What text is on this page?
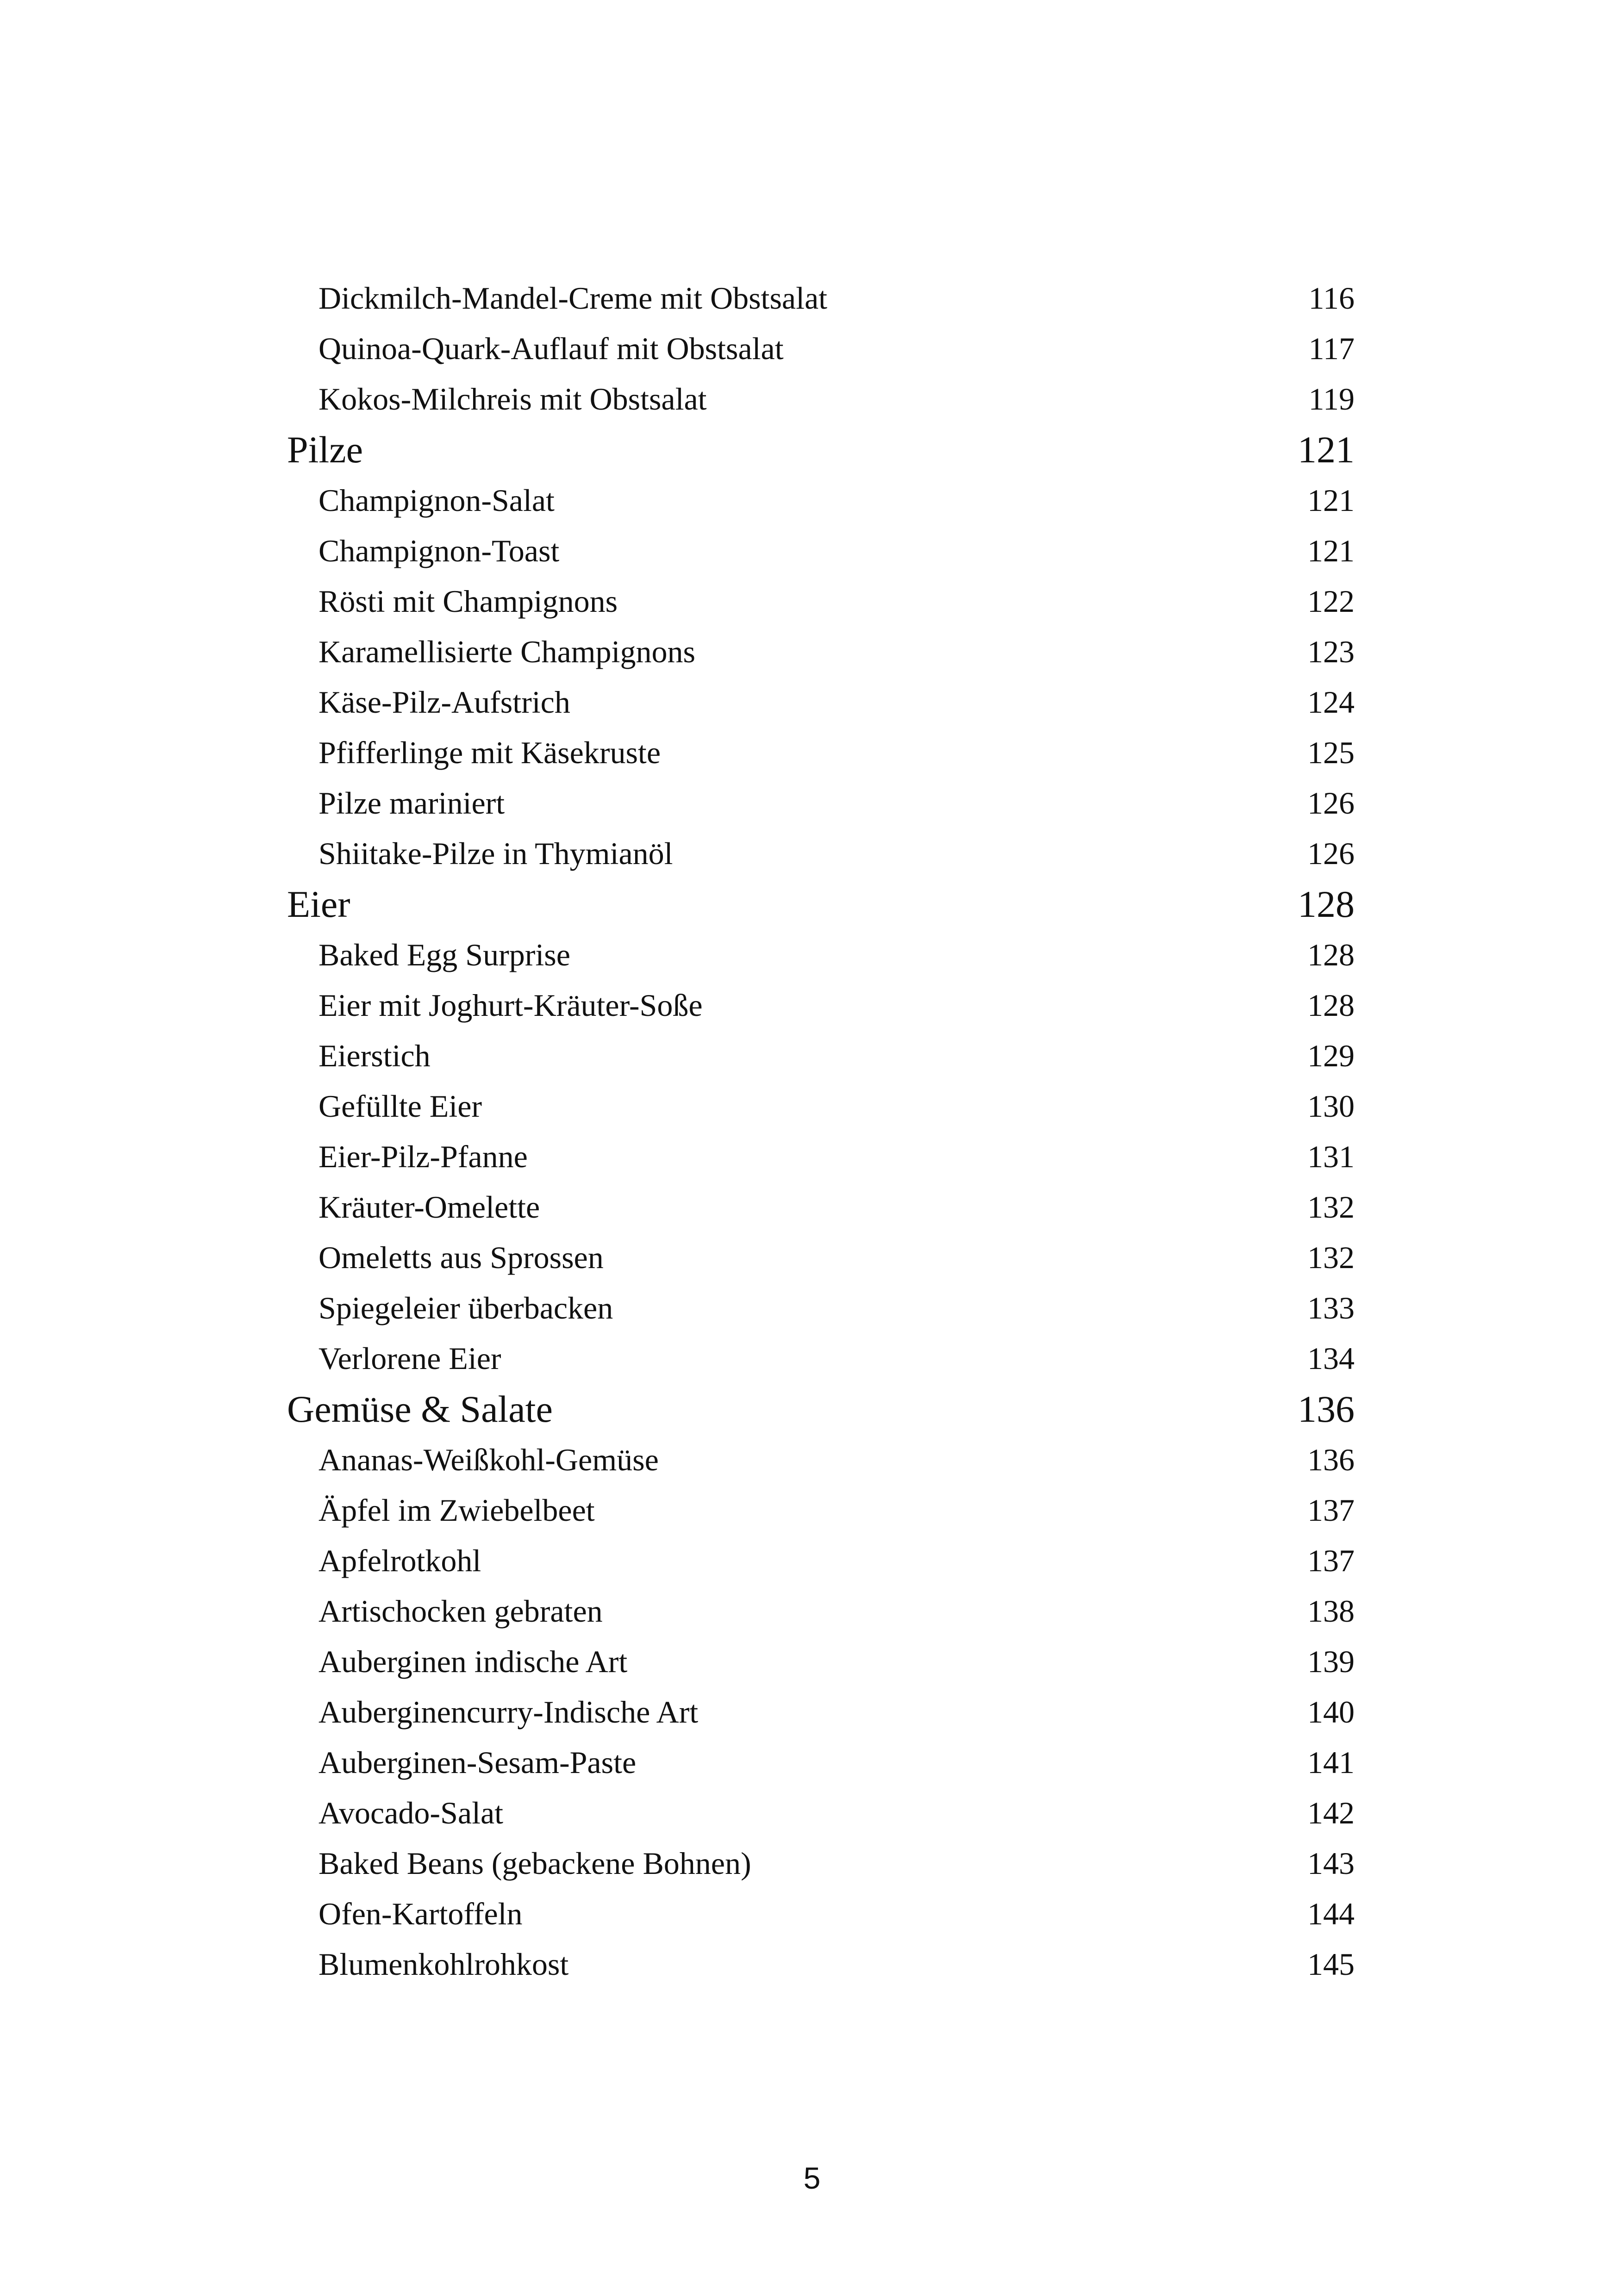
Dickmilch-Mandel-Creme mit Obstsalat	116
Quinoa-Quark-Auflauf mit Obstsalat	117
Kokos-Milchreis mit Obstsalat	119
Pilze	121
Champignon-Salat	121
Champignon-Toast	121
Rösti mit Champignons	122
Karamellisierte Champignons	123
Käse-Pilz-Aufstrich	124
Pfifferlinge mit Käsekruste	125
Pilze mariniert	126
Shiitake-Pilze in Thymianöl	126
Eier	128
Baked Egg Surprise	128
Eier mit Joghurt-Kräuter-Soße	128
Eierstich	129
Gefüllte Eier	130
Eier-Pilz-Pfanne	131
Kräuter-Omelette	132
Omeletts aus Sprossen	132
Spiegeleier überbacken	133
Verlorene Eier	134
Gemüse & Salate	136
Ananas-Weißkohl-Gemüse	136
Äpfel im Zwiebelbeet	137
Apfelrotkohl	137
Artischocken gebraten	138
Auberginen indische Art	139
Auberginencurry-Indische Art	140
Auberginen-Sesam-Paste	141
Avocado-Salat	142
Baked Beans (gebackene Bohnen)	143
Ofen-Kartoffeln	144
Blumenkohlrohkost	145
5
